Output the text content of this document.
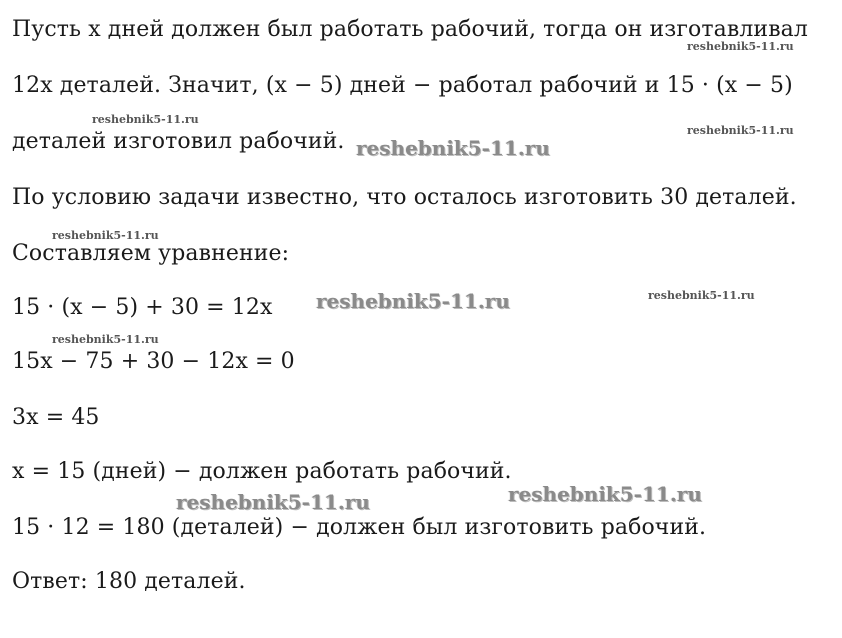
Пусть x дней должен был работать рабочий, тогда он изготавливал
12x деталей. Значит, (x − 5) дней − работал рабочий и 15 · (x − 5)
деталей изготовил рабочий.
По условию задачи известно, что осталось изготовить 30 деталей.
Составляем уравнение:
15 · (x − 5) + 30 = 12x
15x − 75 + 30 − 12x = 0
3x = 45
x = 15 (дней) − должен работать рабочий.
15 · 12 = 180 (деталей) − должен был изготовить рабочий.
Ответ: 180 деталей.
reshebnik5-11.ru
reshebnik5-11.ru
reshebnik5-11.ru
reshebnik5-11.ru
reshebnik5-11.ru
reshebnik5-11.ru	reshebnik5-11.ru
reshebnik5-11.ru
reshebnik5-11.ru
reshebnik5-11.ru
